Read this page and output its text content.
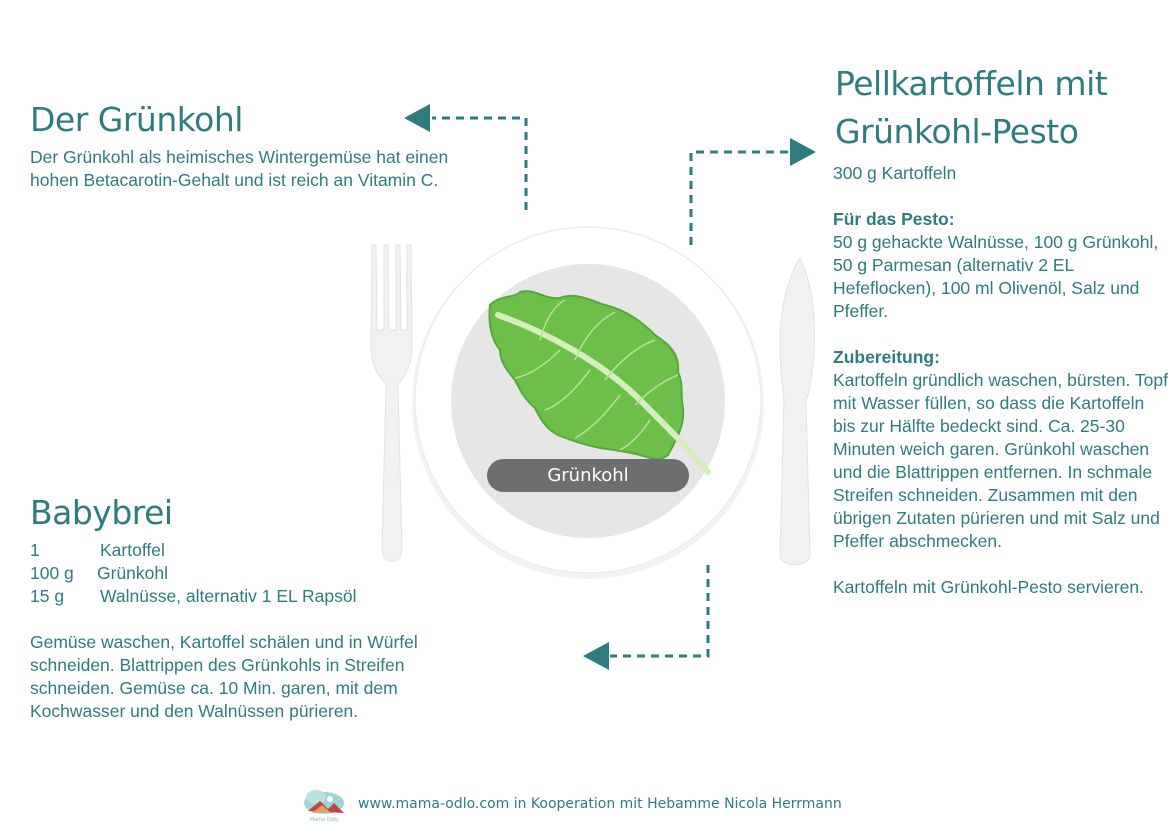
Grünkohl
Der Grünkohl
Der Grünkohl als heimisches Wintergemüse hat einen hohen Betacarotin-Gehalt und ist reich an Vitamin C.
Babybrei
1	Kartoffel
100 g	Grünkohl
15 g	Walnüsse, alternativ 1 EL Rapsöl
Gemüse waschen, Kartoffel schälen und in Würfel schneiden. Blattrippen des Grünkohls in Streifen schneiden. Gemüse ca. 10 Min. garen, mit dem Kochwasser und den Walnüssen pürieren.
Pellkartoffeln mit
Grünkohl-Pesto

300 g Kartoffeln

Für das Pesto:

50 g gehackte Walnüsse, 100 g Grünkohl, 50 g Parmesan (alternativ 2 EL Hefeflocken), 100 ml Olivenöl, Salz und Pfeffer.

Zubereitung:

Kartoffeln gründlich waschen, bürsten. Topf mit Wasser füllen, so dass die Kartoffeln bis zur Hälfte bedeckt sind. Ca. 25-30 Minuten weich garen. Grünkohl waschen und die Blattrippen entfernen. In schmale Streifen schneiden. Zusammen mit den übrigen Zutaten pürieren und mit Salz und Pfeffer abschmecken.

Kartoffeln mit Grünkohl-Pesto servieren.

Mama Odlo
www.mama-odlo.com in Kooperation mit Hebamme Nicola Herrmann
